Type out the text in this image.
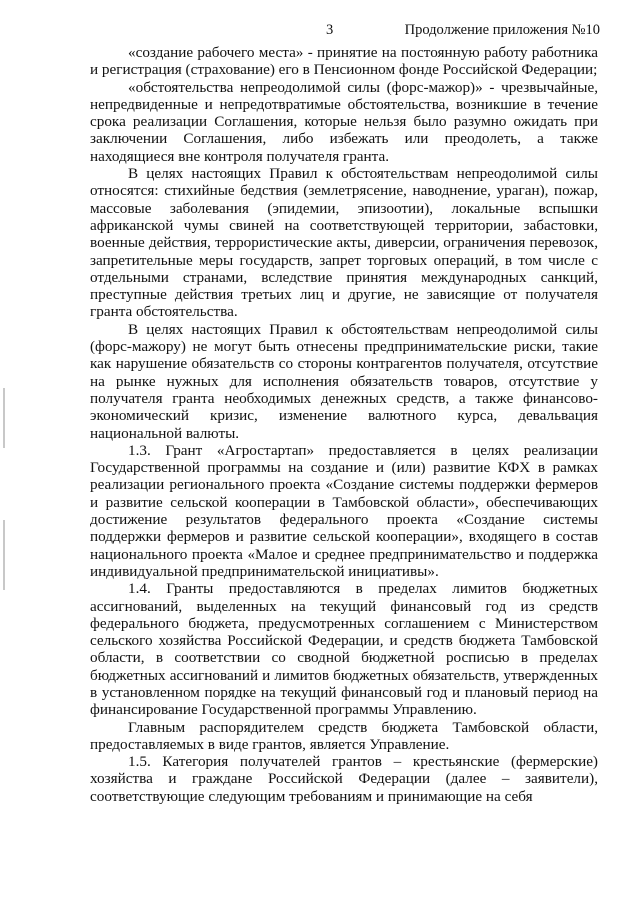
3	Продолжение приложения №10

«создание рабочего места» - принятие на постоянную работу работника и регистрация (страхование) его в Пенсионном фонде Российской Федерации;

«обстоятельства непреодолимой силы (форс-мажор)» - чрезвычайные, непредвиденные и непредотвратимые обстоятельства, возникшие в течение срока реализации Соглашения, которые нельзя было разумно ожидать при заключении Соглашения, либо избежать или преодолеть, а также находящиеся вне контроля получателя гранта.

В целях настоящих Правил к обстоятельствам непреодолимой силы относятся: стихийные бедствия (землетрясение, наводнение, ураган), пожар, массовые заболевания (эпидемии, эпизоотии), локальные вспышки африканской чумы свиней на соответствующей территории, забастовки, военные действия, террористические акты, диверсии, ограничения перевозок, запретительные меры государств, запрет торговых операций, в том числе с отдельными странами, вследствие принятия международных санкций, преступные действия третьих лиц и другие, не зависящие от получателя гранта обстоятельства.

В целях настоящих Правил к обстоятельствам непреодолимой силы (форс-мажору) не могут быть отнесены предпринимательские риски, такие как нарушение обязательств со стороны контрагентов получателя, отсутствие на рынке нужных для исполнения обязательств товаров, отсутствие у получателя гранта необходимых денежных средств, а также финансово-экономический кризис, изменение валютного курса, девальвация национальной валюты.

1.3. Грант «Агростартап» предоставляется в целях реализации Государственной программы на создание и (или) развитие КФХ в рамках реализации регионального проекта «Создание системы поддержки фермеров и развитие сельской кооперации в Тамбовской области», обеспечивающих достижение результатов федерального проекта «Создание системы поддержки фермеров и развитие сельской кооперации», входящего в состав национального проекта «Малое и среднее предпринимательство и поддержка индивидуальной предпринимательской инициативы».

1.4. Гранты предоставляются в пределах лимитов бюджетных ассигнований, выделенных на текущий финансовый год из средств федерального бюджета, предусмотренных соглашением с Министерством сельского хозяйства Российской Федерации, и средств бюджета Тамбовской области, в соответствии со сводной бюджетной росписью в пределах бюджетных ассигнований и лимитов бюджетных обязательств, утвержденных в установленном порядке на текущий финансовый год и плановый период на финансирование Государственной программы Управлению.

Главным распорядителем средств бюджета Тамбовской области, предоставляемых в виде грантов, является Управление.

1.5. Категория получателей грантов – крестьянские (фермерские) хозяйства и граждане Российской Федерации (далее – заявители), соответствующие следующим требованиям и принимающие на себя
